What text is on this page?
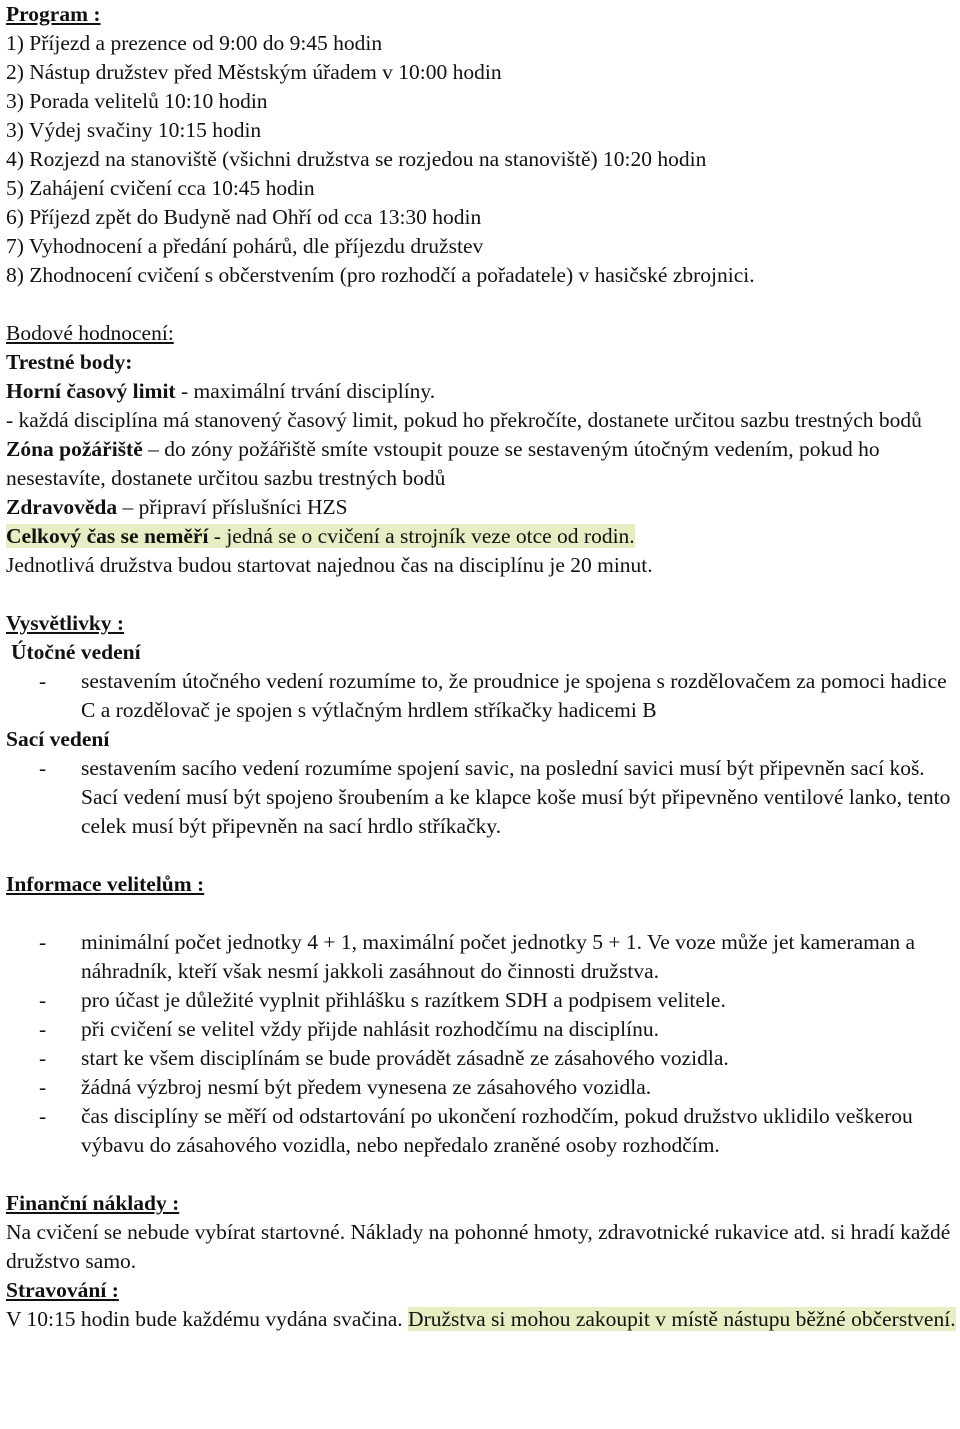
Program :
1) Příjezd a prezence od 9:00 do 9:45 hodin
2) Nástup družstev před Městským úřadem v 10:00 hodin
3) Porada velitelů 10:10 hodin
3) Výdej svačiny 10:15 hodin
4) Rozjezd na stanoviště (všichni družstva se rozjedou na stanoviště) 10:20 hodin
5) Zahájení cvičení cca 10:45 hodin
6) Příjezd zpět do Budyně nad Ohří od cca 13:30 hodin
7) Vyhodnocení a předání pohárů, dle příjezdu družstev
8) Zhodnocení cvičení s občerstvením (pro rozhodčí a pořadatele) v hasičské zbrojnici.
Bodové hodnocení:
Trestné body:
Horní časový limit - maximální trvání disciplíny.
- každá disciplína má stanovený časový limit, pokud ho překročíte, dostanete určitou sazbu trestných bodů
Zóna požářiště – do zóny požářiště smíte vstoupit pouze se sestaveným útočným vedením, pokud ho nesestavíte, dostanete určitou sazbu trestných bodů
Zdravověda – připraví příslušníci HZS
Celkový čas se neměří - jedná se o cvičení a strojník veze otce od rodin.
Jednotlivá družstva budou startovat najednou čas na disciplínu je 20 minut.
Vysvětlivky :
Útočné vedení
- sestavením útočného vedení rozumíme to, že proudnice je spojena s rozdělovačem za pomoci hadice C a rozdělovač je spojen s výtlačným hrdlem stříkačky hadicemi B
Sací vedení
- sestavením sacího vedení rozumíme spojení savic, na poslední savici musí být připevněn sací koš. Sací vedení musí být spojeno šroubením a ke klapce koše musí být připevněno ventilové lanko, tento celek musí být připevněn na sací hrdlo stříkačky.
Informace velitelům :
- minimální počet jednotky 4 + 1, maximální počet jednotky 5 + 1. Ve voze může jet kameraman a náhradník, kteří však nesmí jakkoli zasáhnout do činnosti družstva.
- pro účast je důležité vyplnit přihlášku s razítkem SDH a podpisem velitele.
- při cvičení se velitel vždy přijde nahlásit rozhodčímu na disciplínu.
- start ke všem disciplínám se bude provádět zásadně ze zásahového vozidla.
- žádná výzbroj nesmí být předem vynesena ze zásahového vozidla.
- čas disciplíny se měří od odstartování po ukončení rozhodčím, pokud družstvo uklidilo veškerou výbavu do zásahového vozidla, nebo nepředalo zraněné osoby rozhodčím.
Finanční náklady :
Na cvičení se nebude vybírat startovné. Náklady na pohonné hmoty, zdravotnické rukavice atd. si hradí každé družstvo samo.
Stravování :
V 10:15 hodin bude každému vydána svačina. Družstva si mohou zakoupit v místě nástupu běžné občerstvení.
